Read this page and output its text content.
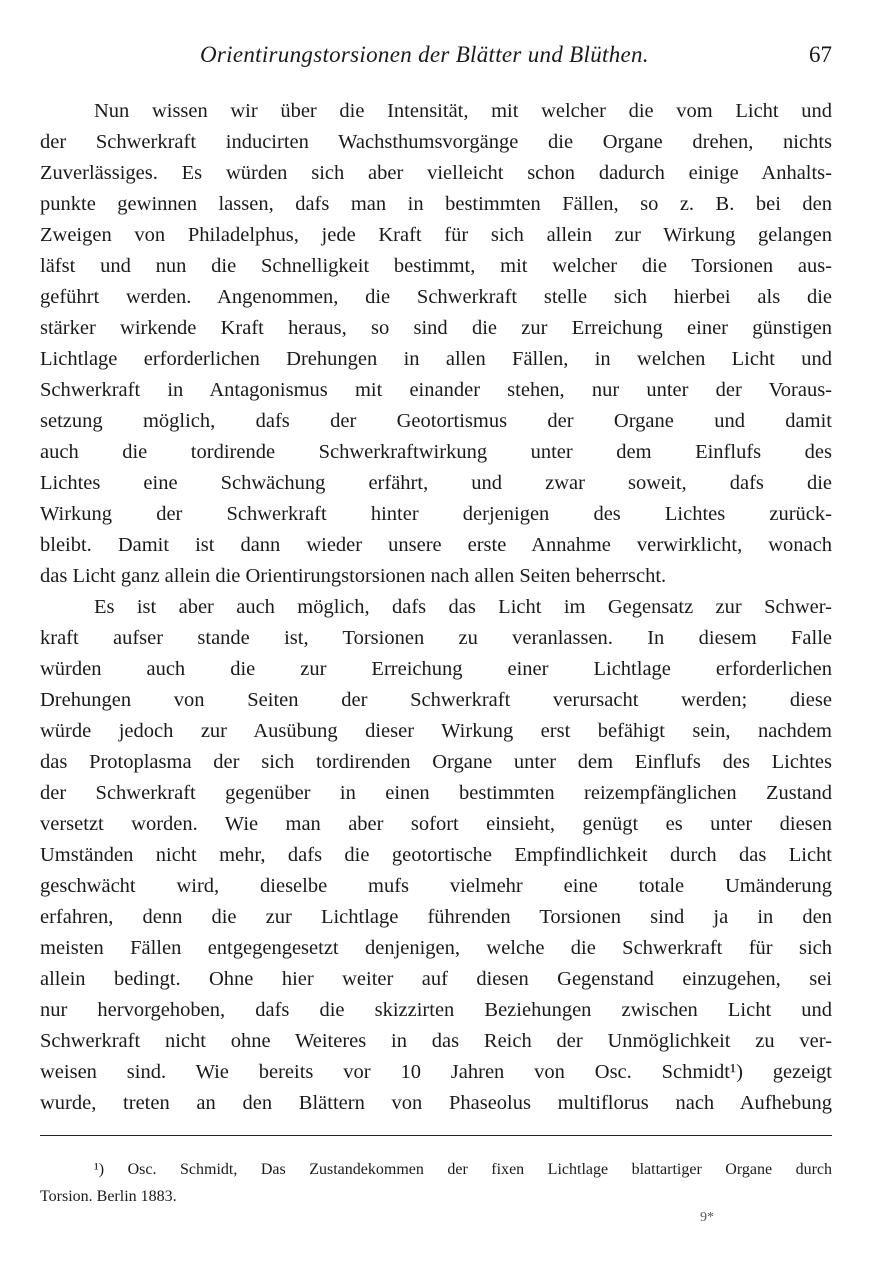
Orientirungstorsionen der Blätter und Blüthen.	67
Nun wissen wir über die Intensität, mit welcher die vom Licht und
der Schwerkraft inducirten Wachsthumsvorgänge die Organe drehen, nichts
Zuverlässiges. Es würden sich aber vielleicht schon dadurch einige Anhalts-
punkte gewinnen lassen, dafs man in bestimmten Fällen, so z. B. bei den
Zweigen von Philadelphus, jede Kraft für sich allein zur Wirkung gelangen
läfst und nun die Schnelligkeit bestimmt, mit welcher die Torsionen aus-
geführt werden. Angenommen, die Schwerkraft stelle sich hierbei als die
stärker wirkende Kraft heraus, so sind die zur Erreichung einer günstigen
Lichtlage erforderlichen Drehungen in allen Fällen, in welchen Licht und
Schwerkraft in Antagonismus mit einander stehen, nur unter der Voraus-
setzung möglich, dafs der Geotortismus der Organe und damit
auch die tordirende Schwerkraftwirkung unter dem Einflufs des
Lichtes eine Schwächung erfährt, und zwar soweit, dafs die
Wirkung der Schwerkraft hinter derjenigen des Lichtes zurück-
bleibt. Damit ist dann wieder unsere erste Annahme verwirklicht, wonach
das Licht ganz allein die Orientirungstorsionen nach allen Seiten beherrscht.
Es ist aber auch möglich, dafs das Licht im Gegensatz zur Schwer-
kraft aufser stande ist, Torsionen zu veranlassen. In diesem Falle
würden auch die zur Erreichung einer Lichtlage erforderlichen
Drehungen von Seiten der Schwerkraft verursacht werden; diese
würde jedoch zur Ausübung dieser Wirkung erst befähigt sein, nachdem
das Protoplasma der sich tordirenden Organe unter dem Einflufs des Lichtes
der Schwerkraft gegenüber in einen bestimmten reizempfänglichen Zustand
versetzt worden. Wie man aber sofort einsieht, genügt es unter diesen
Umständen nicht mehr, dafs die geotortische Empfindlichkeit durch das Licht
geschwächt wird, dieselbe mufs vielmehr eine totale Umänderung
erfahren, denn die zur Lichtlage führenden Torsionen sind ja in den
meisten Fällen entgegengesetzt denjenigen, welche die Schwerkraft für sich
allein bedingt. Ohne hier weiter auf diesen Gegenstand einzugehen, sei
nur hervorgehoben, dafs die skizzirten Beziehungen zwischen Licht und
Schwerkraft nicht ohne Weiteres in das Reich der Unmöglichkeit zu ver-
weisen sind. Wie bereits vor 10 Jahren von Osc. Schmidt¹) gezeigt
wurde, treten an den Blättern von Phaseolus multiflorus nach Aufhebung
¹) Osc. Schmidt, Das Zustandekommen der fixen Lichtlage blattartiger Organe durch
Torsion. Berlin 1883.
9*
